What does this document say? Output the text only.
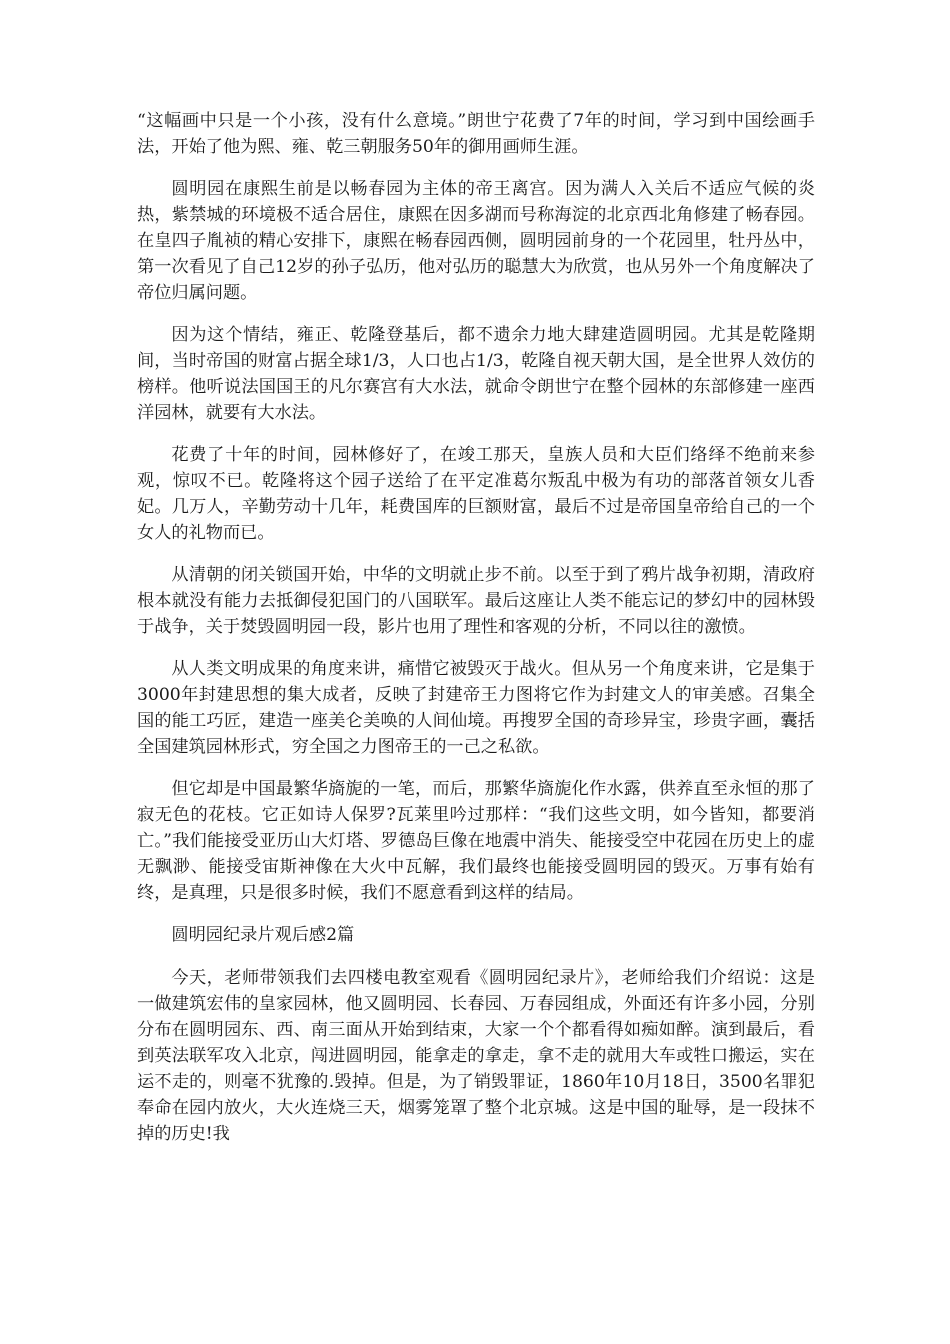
“这幅画中只是一个小孩，没有什么意境。”朗世宁花费了7年的时间，学习到中国绘画手法，开始了他为熙、雍、乾三朝服务50年的御用画师生涯。

圆明园在康熙生前是以畅春园为主体的帝王离宫。因为满人入关后不适应气候的炎热，紫禁城的环境极不适合居住，康熙在因多湖而号称海淀的北京西北角修建了畅春园。在皇四子胤祯的精心安排下，康熙在畅春园西侧，圆明园前身的一个花园里，牡丹丛中，第一次看见了自己12岁的孙子弘历，他对弘历的聪慧大为欣赏，也从另外一个角度解决了帝位归属问题。

因为这个情结，雍正、乾隆登基后，都不遗余力地大肆建造圆明园。尤其是乾隆期间，当时帝国的财富占据全球1/3，人口也占1/3，乾隆自视天朝大国，是全世界人效仿的榜样。他听说法国国王的凡尔赛宫有大水法，就命令朗世宁在整个园林的东部修建一座西洋园林，就要有大水法。

花费了十年的时间，园林修好了，在竣工那天，皇族人员和大臣们络绎不绝前来参观，惊叹不已。乾隆将这个园子送给了在平定准葛尔叛乱中极为有功的部落首领女儿香妃。几万人，辛勤劳动十几年，耗费国库的巨额财富，最后不过是帝国皇帝给自己的一个女人的礼物而已。

从清朝的闭关锁国开始，中华的文明就止步不前。以至于到了鸦片战争初期，清政府根本就没有能力去抵御侵犯国门的八国联军。最后这座让人类不能忘记的梦幻中的园林毁于战争，关于焚毁圆明园一段，影片也用了理性和客观的分析，不同以往的激愤。

从人类文明成果的角度来讲，痛惜它被毁灭于战火。但从另一个角度来讲，它是集于3000年封建思想的集大成者，反映了封建帝王力图将它作为封建文人的审美感。召集全国的能工巧匠，建造一座美仑美唤的人间仙境。再搜罗全国的奇珍异宝，珍贵字画，囊括全国建筑园林形式，穷全国之力图帝王的一己之私欲。

但它却是中国最繁华旖旎的一笔，而后，那繁华旖旎化作水露，供养直至永恒的那了寂无色的花枝。它正如诗人保罗?瓦莱里吟过那样：“我们这些文明，如今皆知，都要消亡。”我们能接受亚历山大灯塔、罗德岛巨像在地震中消失、能接受空中花园在历史上的虚无飘渺、能接受宙斯神像在大火中瓦解，我们最终也能接受圆明园的毁灭。万事有始有终，是真理，只是很多时候，我们不愿意看到这样的结局。

圆明园纪录片观后感2篇

今天，老师带领我们去四楼电教室观看《圆明园纪录片》，老师给我们介绍说：这是一做建筑宏伟的皇家园林，他又圆明园、长春园、万春园组成，外面还有许多小园，分别分布在圆明园东、西、南三面从开始到结束，大家一个个都看得如痴如醉。演到最后，看到英法联军攻入北京，闯进圆明园，能拿走的拿走，拿不走的就用大车或牲口搬运，实在运不走的，则毫不犹豫的.毁掉。但是，为了销毁罪证，1860年10月18日，3500名罪犯奉命在园内放火，大火连烧三天，烟雾笼罩了整个北京城。这是中国的耻辱，是一段抹不掉的历史!我
